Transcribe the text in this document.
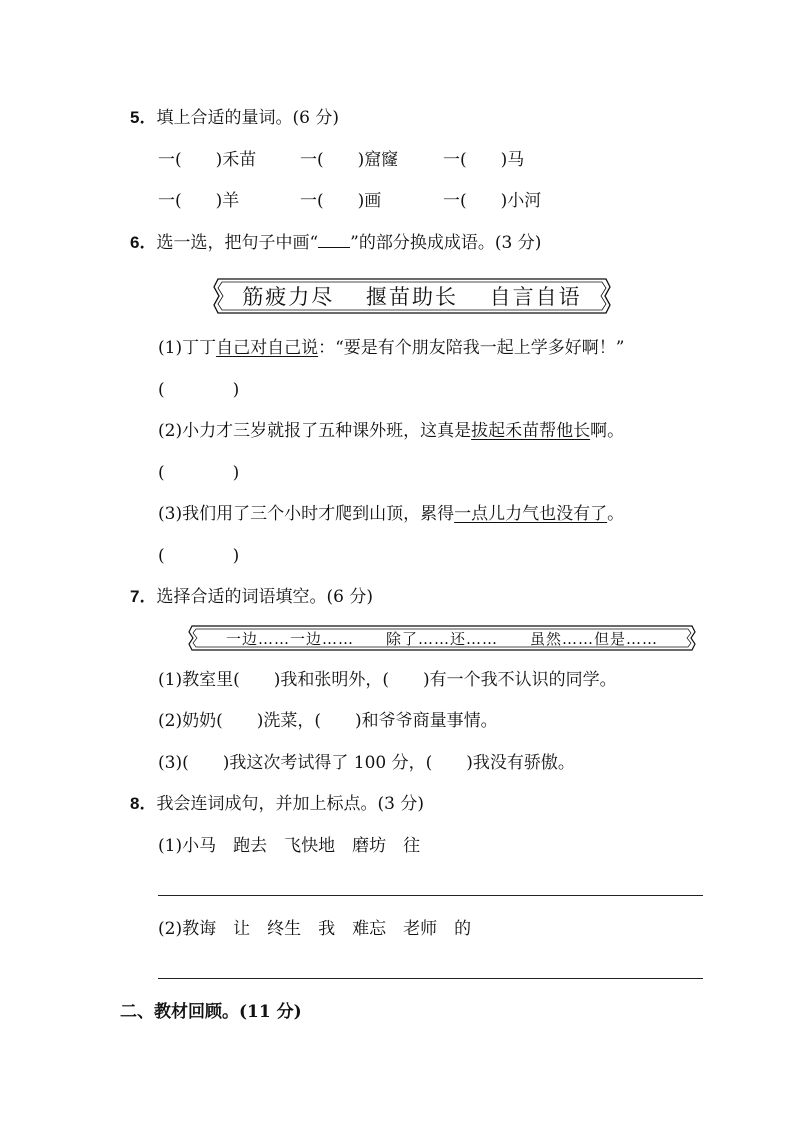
5．填上合适的量词。(6 分)
一(　　)禾苗	一(　　)窟窿	一(　　)马
一(　　)羊	一(　　)画	一(　　)小河
6．选一选，把句子中画“ ”的部分换成成语。(3 分)
筋疲力尽　 揠苗助长　 自言自语
(1)丁丁自己对自己说：“要是有个朋友陪我一起上学多好啊！”
(　　　　)
(2)小力才三岁就报了五种课外班，这真是拔起禾苗帮他长啊。
(　　　　)
(3)我们用了三个小时才爬到山顶，累得一点儿力气也没有了。
(　　　　)
7．选择合适的词语填空。(6 分)
一边……一边……　　除了……还……　　虽然……但是……
(1)教室里(　　)我和张明外，(　　)有一个我不认识的同学。
(2)奶奶(　　)洗菜，(　　)和爷爷商量事情。
(3)(　　)我这次考试得了 100 分，(　　)我没有骄傲。
8．我会连词成句，并加上标点。(3 分)
(1)小马　跑去　飞快地　磨坊　往
(2)教诲　让　终生　我　难忘　老师　的
二、教材回顾。(11 分)
